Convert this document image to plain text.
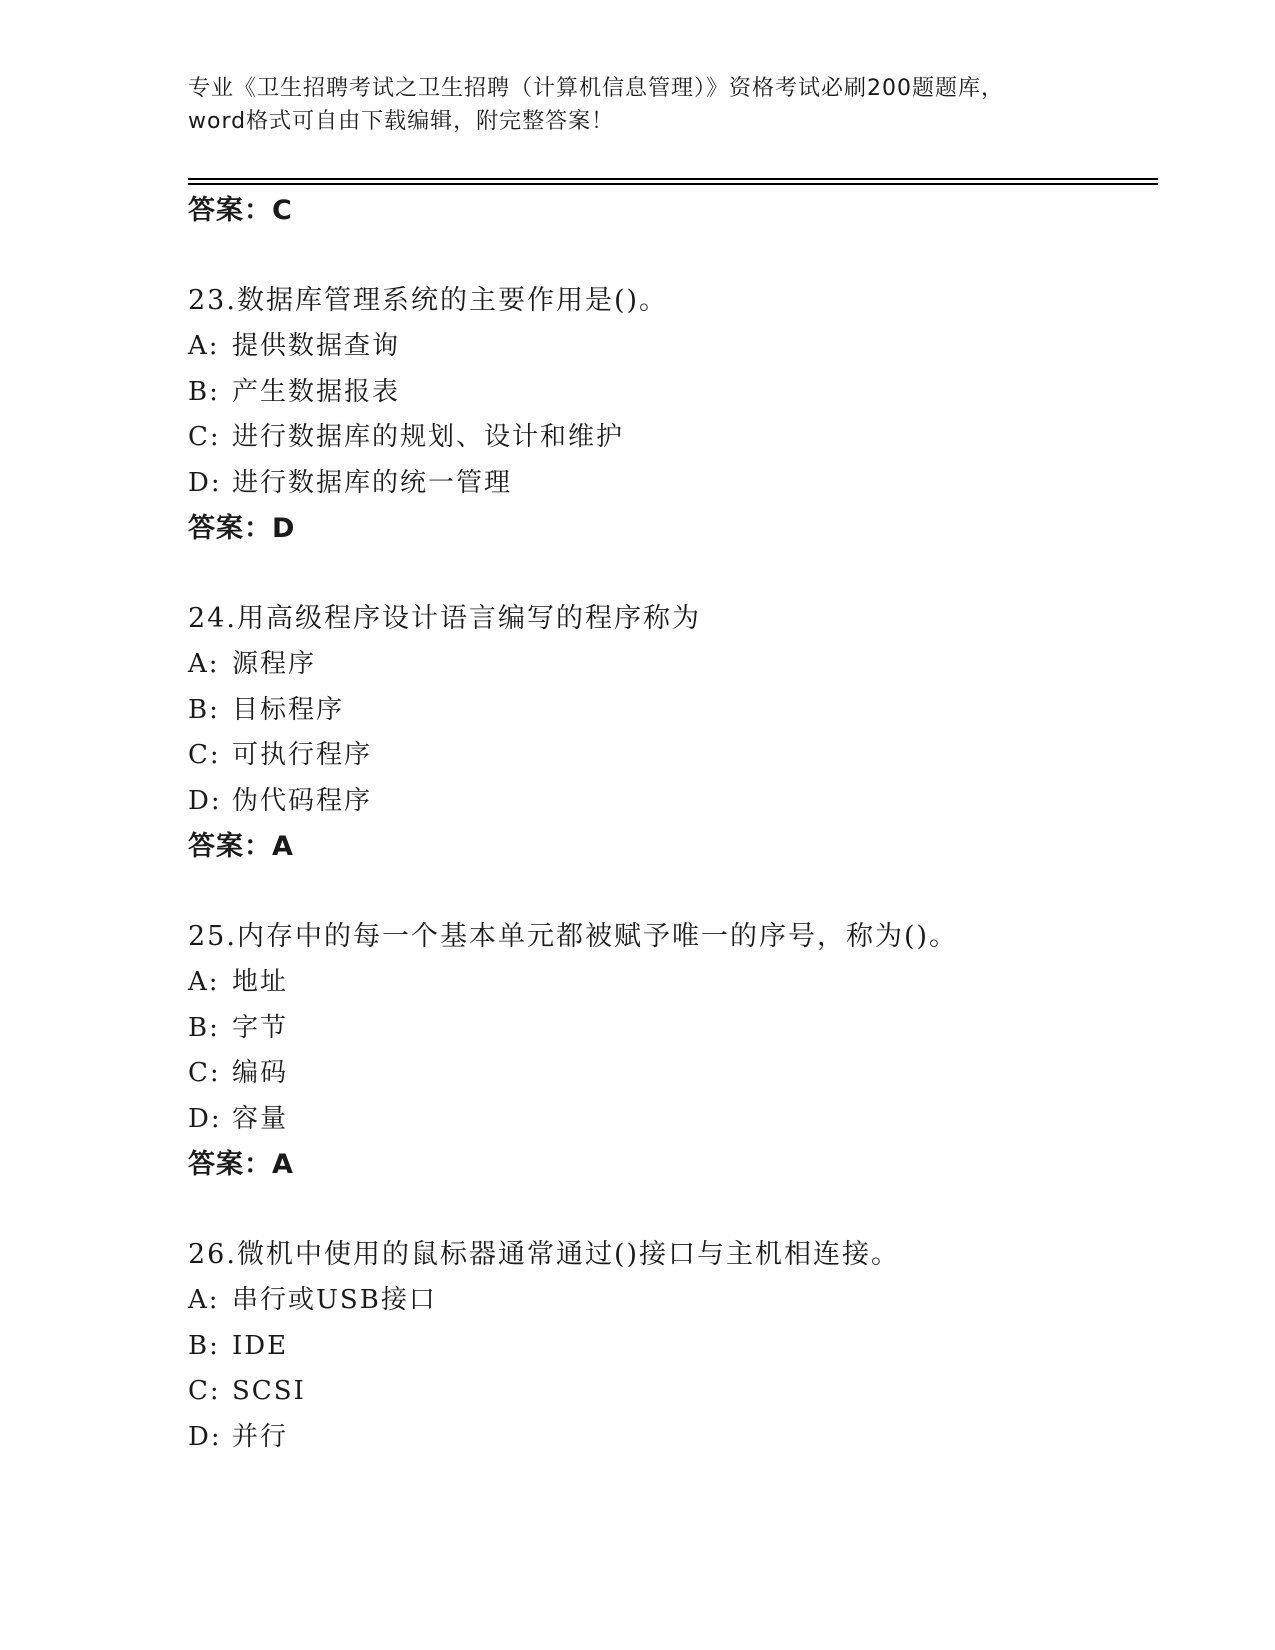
专业《卫生招聘考试之卫生招聘（计算机信息管理）》资格考试必刷200题题库，
word格式可自由下载编辑，附完整答案！
答案：C
23.数据库管理系统的主要作用是()。
A: 提供数据查询
B: 产生数据报表
C: 进行数据库的规划、设计和维护
D: 进行数据库的统一管理
答案：D
24.用高级程序设计语言编写的程序称为
A: 源程序
B: 目标程序
C: 可执行程序
D: 伪代码程序
答案：A
25.内存中的每一个基本单元都被赋予唯一的序号，称为()。
A: 地址
B: 字节
C: 编码
D: 容量
答案：A
26.微机中使用的鼠标器通常通过()接口与主机相连接。
A: 串行或USB接口
B: IDE
C: SCSI
D: 并行
